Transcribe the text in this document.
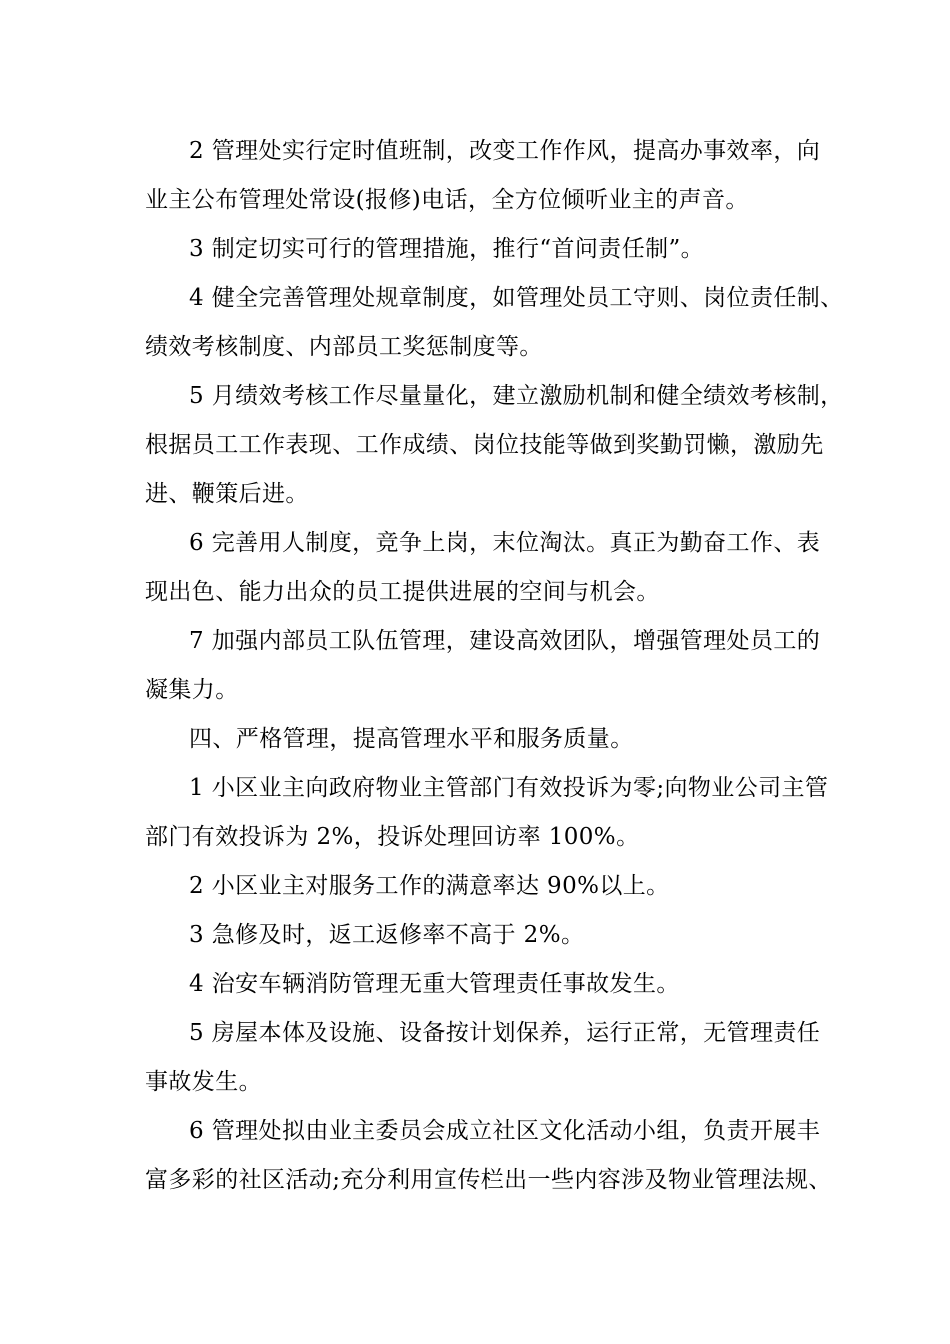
2 管理处实行定时值班制，改变工作作风，提高办事效率，向
业主公布管理处常设(报修)电话，全方位倾听业主的声音。
3 制定切实可行的管理措施，推行“首问责任制”。
4 健全完善管理处规章制度，如管理处员工守则、岗位责任制、
绩效考核制度、内部员工奖惩制度等。
5 月绩效考核工作尽量量化，建立激励机制和健全绩效考核制，
根据员工工作表现、工作成绩、岗位技能等做到奖勤罚懒，激励先
进、鞭策后进。
6 完善用人制度，竞争上岗，末位淘汰。真正为勤奋工作、表
现出色、能力出众的员工提供进展的空间与机会。
7 加强内部员工队伍管理，建设高效团队，增强管理处员工的
凝集力。
四、严格管理，提高管理水平和服务质量。
1 小区业主向政府物业主管部门有效投诉为零;向物业公司主管
部门有效投诉为 2%，投诉处理回访率 100%。
2 小区业主对服务工作的满意率达 90%以上。
3 急修及时，返工返修率不高于 2%。
4 治安车辆消防管理无重大管理责任事故发生。
5 房屋本体及设施、设备按计划保养，运行正常，无管理责任
事故发生。
6 管理处拟由业主委员会成立社区文化活动小组，负责开展丰
富多彩的社区活动;充分利用宣传栏出一些内容涉及物业管理法规、
